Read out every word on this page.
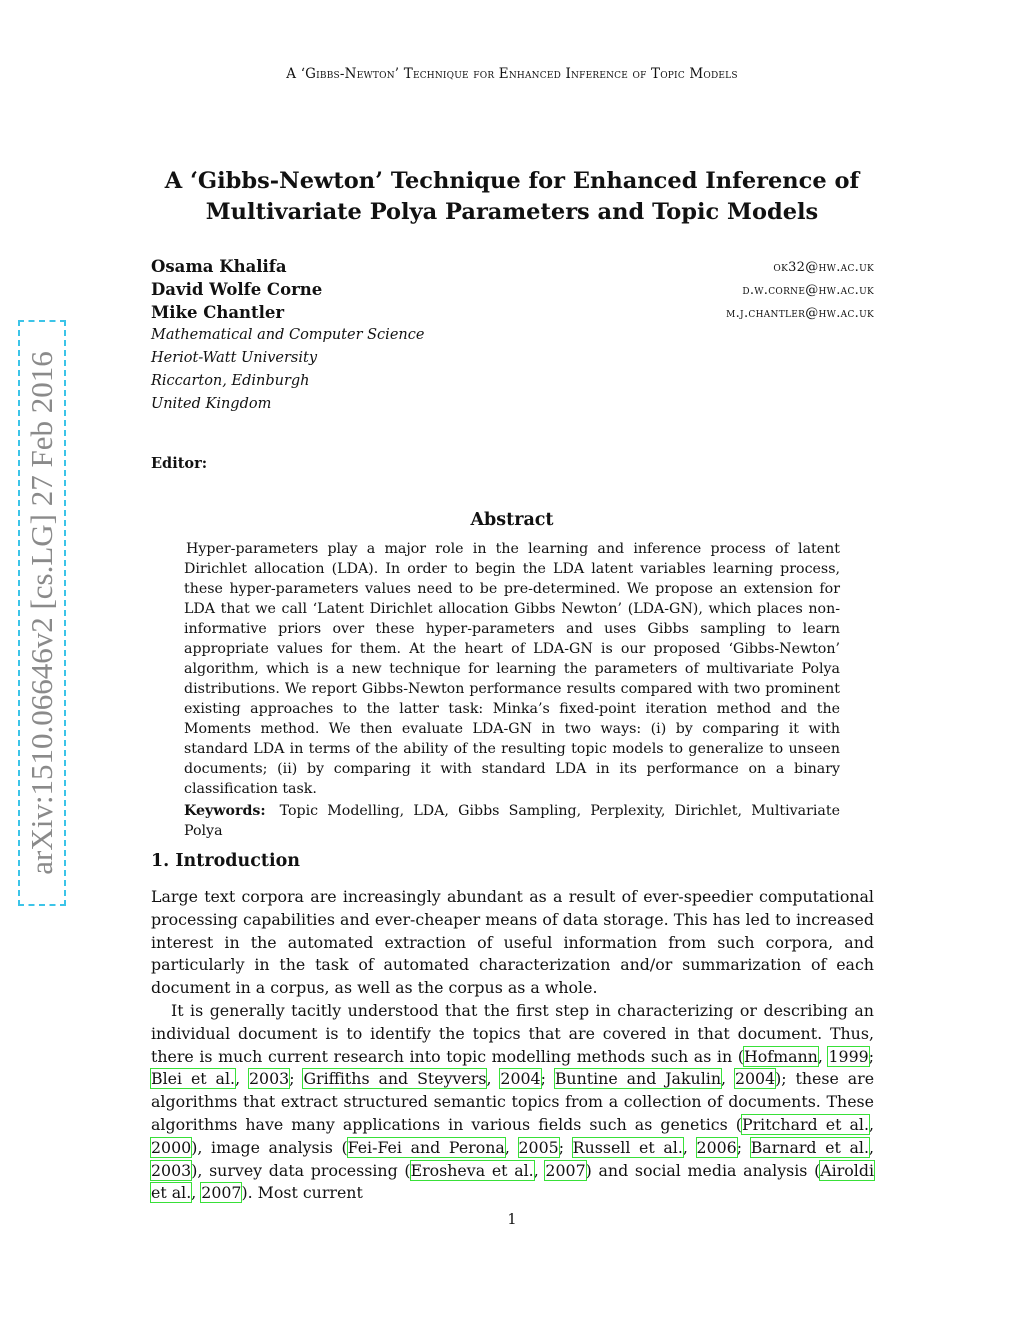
A ‘Gibbs-Newton’ Technique for Enhanced Inference of Topic Models
arXiv:1510.06646v2 [cs.LG] 27 Feb 2016
A ‘Gibbs-Newton’ Technique for Enhanced Inference of
Multivariate Polya Parameters and Topic Models
Osama Khalifa	ok32@hw.ac.uk
David Wolfe Corne	d.w.corne@hw.ac.uk
Mike Chantler	m.j.chantler@hw.ac.uk
Mathematical and Computer Science
Heriot-Watt University
Riccarton, Edinburgh
United Kingdom
Editor:
Abstract
Hyper-parameters play a major role in the learning and inference process of latent Dirichlet allocation (LDA). In order to begin the LDA latent variables learning process, these hyper-parameters values need to be pre-determined. We propose an extension for LDA that we call ‘Latent Dirichlet allocation Gibbs Newton’ (LDA-GN), which places non-informative priors over these hyper-parameters and uses Gibbs sampling to learn appropriate values for them. At the heart of LDA-GN is our proposed ‘Gibbs-Newton’ algorithm, which is a new technique for learning the parameters of multivariate Polya distributions. We report Gibbs-Newton performance results compared with two prominent existing approaches to the latter task: Minka’s fixed-point iteration method and the Moments method. We then evaluate LDA-GN in two ways: (i) by comparing it with standard LDA in terms of the ability of the resulting topic models to generalize to unseen documents; (ii) by comparing it with standard LDA in its performance on a binary classification task.
Keywords: Topic Modelling, LDA, Gibbs Sampling, Perplexity, Dirichlet, Multivariate Polya
1. Introduction

Large text corpora are increasingly abundant as a result of ever-speedier computational processing capabilities and ever-cheaper means of data storage. This has led to increased interest in the automated extraction of useful information from such corpora, and particularly in the task of automated characterization and/or summarization of each document in a corpus, as well as the corpus as a whole.

It is generally tacitly understood that the first step in characterizing or describing an individual document is to identify the topics that are covered in that document. Thus, there is much current research into topic modelling methods such as in (Hofmann, 1999; Blei et al., 2003; Griffiths and Steyvers, 2004; Buntine and Jakulin, 2004); these are algorithms that extract structured semantic topics from a collection of documents. These algorithms have many applications in various fields such as genetics (Pritchard et al., 2000), image analysis (Fei-Fei and Perona, 2005; Russell et al., 2006; Barnard et al., 2003), survey data processing (Erosheva et al., 2007) and social media analysis (Airoldi et al., 2007). Most current

1
